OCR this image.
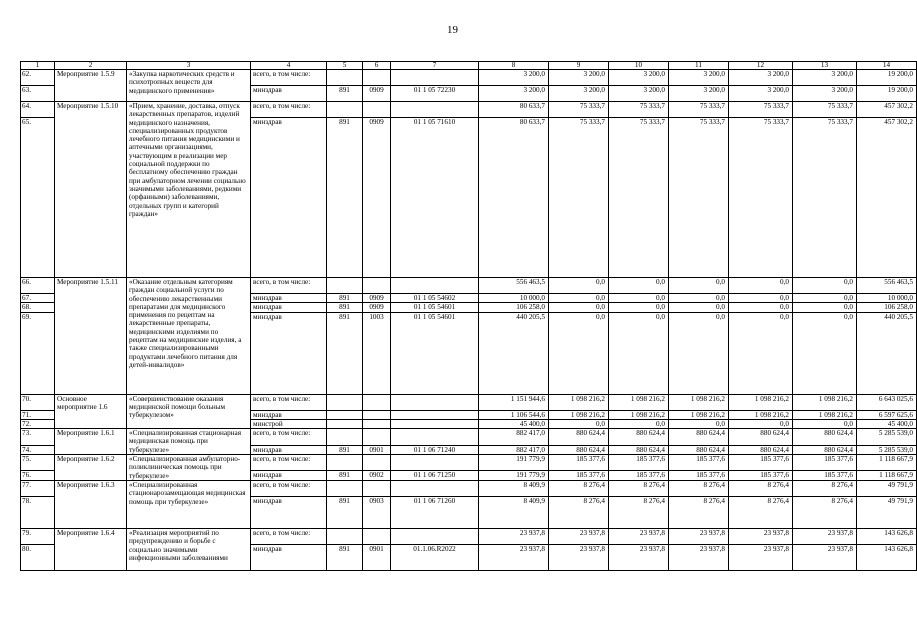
19
1	2	3	4	5	6	7	8	9	10	11	12	13	14
62.	Мероприятие 1.5.9	«Закупка наркотических средств и психотропных веществ для медицинского применения»	всего, в том числе:				3 200,0	3 200,0	3 200,0	3 200,0	3 200,0	3 200,0	19 200,0
63.			минздрав	891	0909	01 1 05 72230	3 200,0	3 200,0	3 200,0	3 200,0	3 200,0	3 200,0	19 200,0
64.	Мероприятие 1.5.10	«Прием, хранение, доставка, отпуск лекарственных препаратов, изделий медицинского назначения, специализированных продуктов лечебного питания медицинскими и аптечными организациями, участвующим в реализации мер социальной поддержки по бесплатному обеспечению граждан при амбулаторном лечении социально значимыми заболеваниями, редкими (орфанными) заболеваниями, отдельных групп и категорий граждан»	всего, в том числе:				80 633,7	75 333,7	75 333,7	75 333,7	75 333,7	75 333,7	457 302,2
65.			минздрав	891	0909	01 1 05 71610	80 633,7	75 333,7	75 333,7	75 333,7	75 333,7	75 333,7	457 302,2
66.	Мероприятие 1.5.11	«Оказание отдельным категориям граждан социальной услуги по обеспечению лекарственными препаратами для медицинского применения по рецептам на лекарственные препараты, медицинскими изделиями по рецептам на медицинские изделия, а также специализированными продуктами лечебного питания для детей-инвалидов»	всего, в том числе:				556 463,5	0,0	0,0	0,0	0,0	0,0	556 463,5
67.			минздрав	891	0909	01 1 05 54602	10 000,0	0,0	0,0	0,0	0,0	0,0	10 000,0
68.			минздрав	891	0909	01 1 05 54601	106 258,0	0,0	0,0	0,0	0,0	0,0	106 258,0
69.			минздрав	891	1003	01 1 05 54601	440 205,5	0,0	0,0	0,0	0,0	0,0	440 205,5
70.	Основное мероприятие 1.6	«Совершенствование оказания медицинской помощи больным туберкулезом»	всего, в том числе:				1 151 944,6	1 098 216,2	1 098 216,2	1 098 216,2	1 098 216,2	1 098 216,2	6 643 025,6
71.			минздрав				1 106 544,6	1 098 216,2	1 098 216,2	1 098 216,2	1 098 216,2	1 098 216,2	6 597 625,6
72.			минстрой				45 400,0	0,0	0,0	0,0	0,0	0,0	45 400,0
73.	Мероприятие 1.6.1	«Специализированная стационарная медицинская помощь при туберкулезе»	всего, в том числе:				882 417,0	880 624,4	880 624,4	880 624,4	880 624,4	880 624,4	5 285 539,0
74.			минздрав	891	0901	01 1 06 71240	882 417,0	880 624,4	880 624,4	880 624,4	880 624,4	880 624,4	5 285 539,0
75.	Мероприятие 1.6.2	«Специализированная амбулаторно-поликлиническая помощь при туберкулезе»	всего, в том числе:				191 779,9	185 377,6	185 377,6	185 377,6	185 377,6	185 377,6	1 118 667,9
76.			минздрав	891	0902	01 1 06 71250	191 779,9	185 377,6	185 377,6	185 377,6	185 377,6	185 377,6	1 118 667,9
77.	Мероприятие 1.6.3	«Специализированная стационарозамещающая медицинская помощь при туберкулезе»	всего, в том числе:				8 409,9	8 276,4	8 276,4	8 276,4	8 276,4	8 276,4	49 791,9
78.			минздрав	891	0903	01 1 06 71260	8 409,9	8 276,4	8 276,4	8 276,4	8 276,4	8 276,4	49 791,9
79.	Мероприятие 1.6.4	«Реализация мероприятий по предупреждению и борьбе с социально значимыми инфекционными заболеваниями	всего, в том числе:				23 937,8	23 937,8	23 937,8	23 937,8	23 937,8	23 937,8	143 626,8
80.			минздрав	891	0901	01.1.06.R2022	23 937,8	23 937,8	23 937,8	23 937,8	23 937,8	23 937,8	143 626,8
